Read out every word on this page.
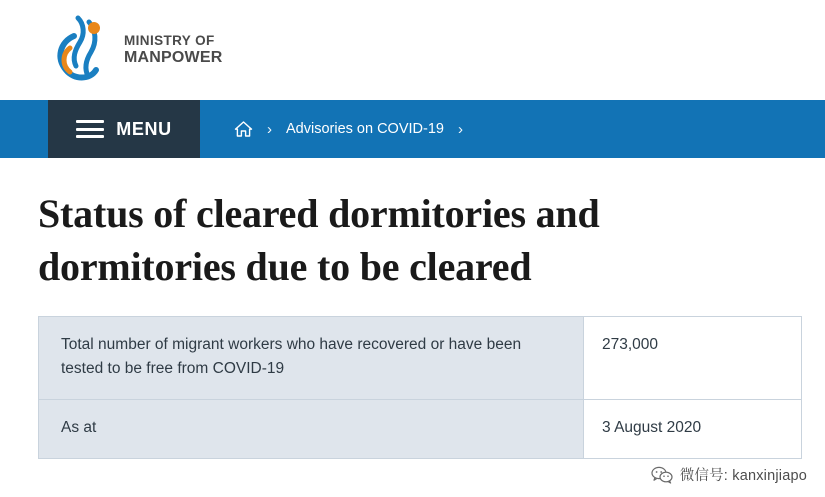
MINISTRY OF
MANPOWER
MENU	› Advisories on COVID-19 ›
Status of cleared dormitories and dormitories due to be cleared
Total number of migrant workers who have recovered or have been tested to be free from COVID-19	273,000
As at	3 August 2020
微信号: kanxinjiapo
